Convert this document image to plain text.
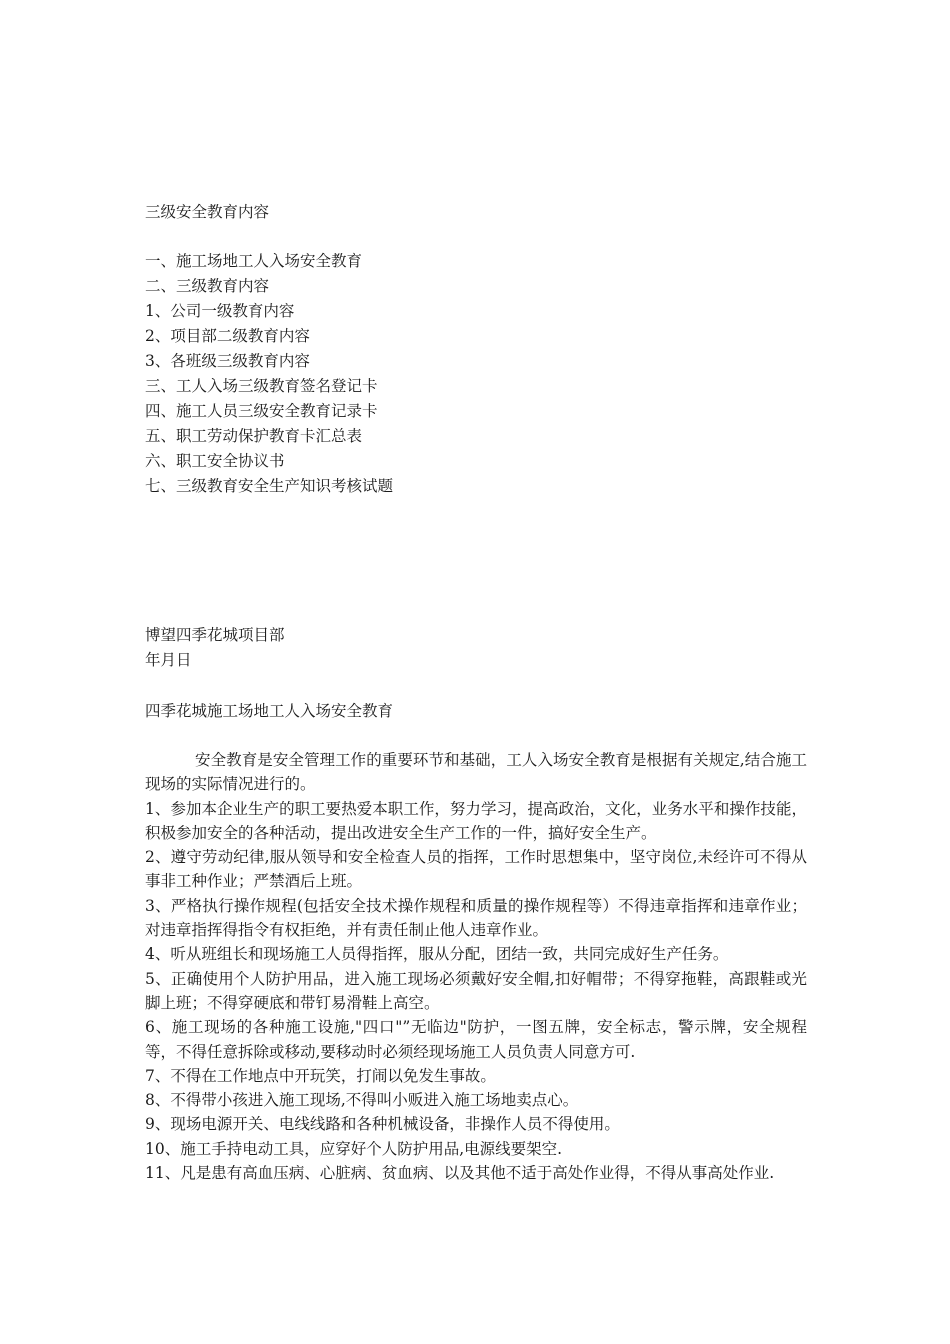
三级安全教育内容
一、施工场地工人入场安全教育
二、三级教育内容
1、公司一级教育内容
2、项目部二级教育内容
3、各班级三级教育内容
三、工人入场三级教育签名登记卡
四、施工人员三级安全教育记录卡
五、职工劳动保护教育卡汇总表
六、职工安全协议书
七、三级教育安全生产知识考核试题
博望四季花城项目部
年月日
四季花城施工场地工人入场安全教育

安全教育是安全管理工作的重要环节和基础，工人入场安全教育是根据有关规定,结合施工现场的实际情况进行的。

1、参加本企业生产的职工要热爱本职工作，努力学习，提高政治，文化，业务水平和操作技能，积极参加安全的各种活动，提出改进安全生产工作的一件，搞好安全生产。

2、遵守劳动纪律,服从领导和安全检查人员的指挥，工作时思想集中，坚守岗位,未经许可不得从事非工种作业；严禁酒后上班。

3、严格执行操作规程(包括安全技术操作规程和质量的操作规程等）不得违章指挥和违章作业；对违章指挥得指令有权拒绝，并有责任制止他人违章作业。

4、听从班组长和现场施工人员得指挥，服从分配，团结一致，共同完成好生产任务。

5、正确使用个人防护用品，进入施工现场必须戴好安全帽,扣好帽带；不得穿拖鞋，高跟鞋或光脚上班；不得穿硬底和带钉易滑鞋上高空。

6、施工现场的各种施工设施,"四口"”无临边"防护，一图五牌，安全标志，警示牌，安全规程等，不得任意拆除或移动,要移动时必须经现场施工人员负责人同意方可.

7、不得在工作地点中开玩笑，打闹以免发生事故。

8、不得带小孩进入施工现场,不得叫小贩进入施工场地卖点心。

9、现场电源开关、电线线路和各种机械设备，非操作人员不得使用。

10、施工手持电动工具，应穿好个人防护用品,电源线要架空.

11、凡是患有高血压病、心脏病、贫血病、以及其他不适于高处作业得，不得从事高处作业.
